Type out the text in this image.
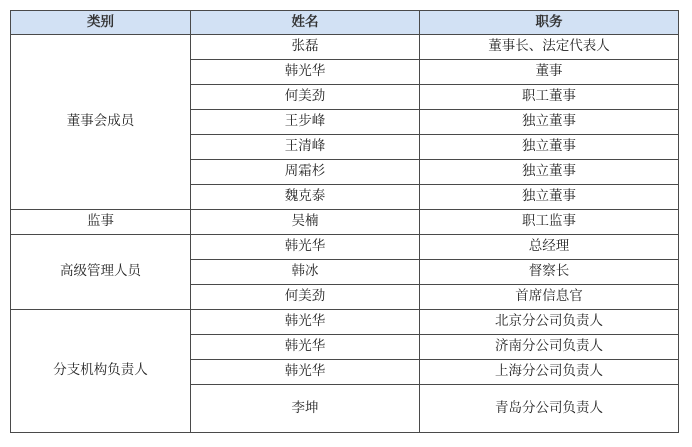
类别	姓名	职务
董事会成员	张磊	董事长、法定代表人
	韩光华	董事
	何美劲	职工董事
	王步峰	独立董事
	王清峰	独立董事
	周霜杉	独立董事
	魏克泰	独立董事
监事	吴楠	职工监事
高级管理人员	韩光华	总经理
	韩冰	督察长
	何美劲	首席信息官
分支机构负责人	韩光华	北京分公司负责人
	韩光华	济南分公司负责人
	韩光华	上海分公司负责人
	李坤	青岛分公司负责人
